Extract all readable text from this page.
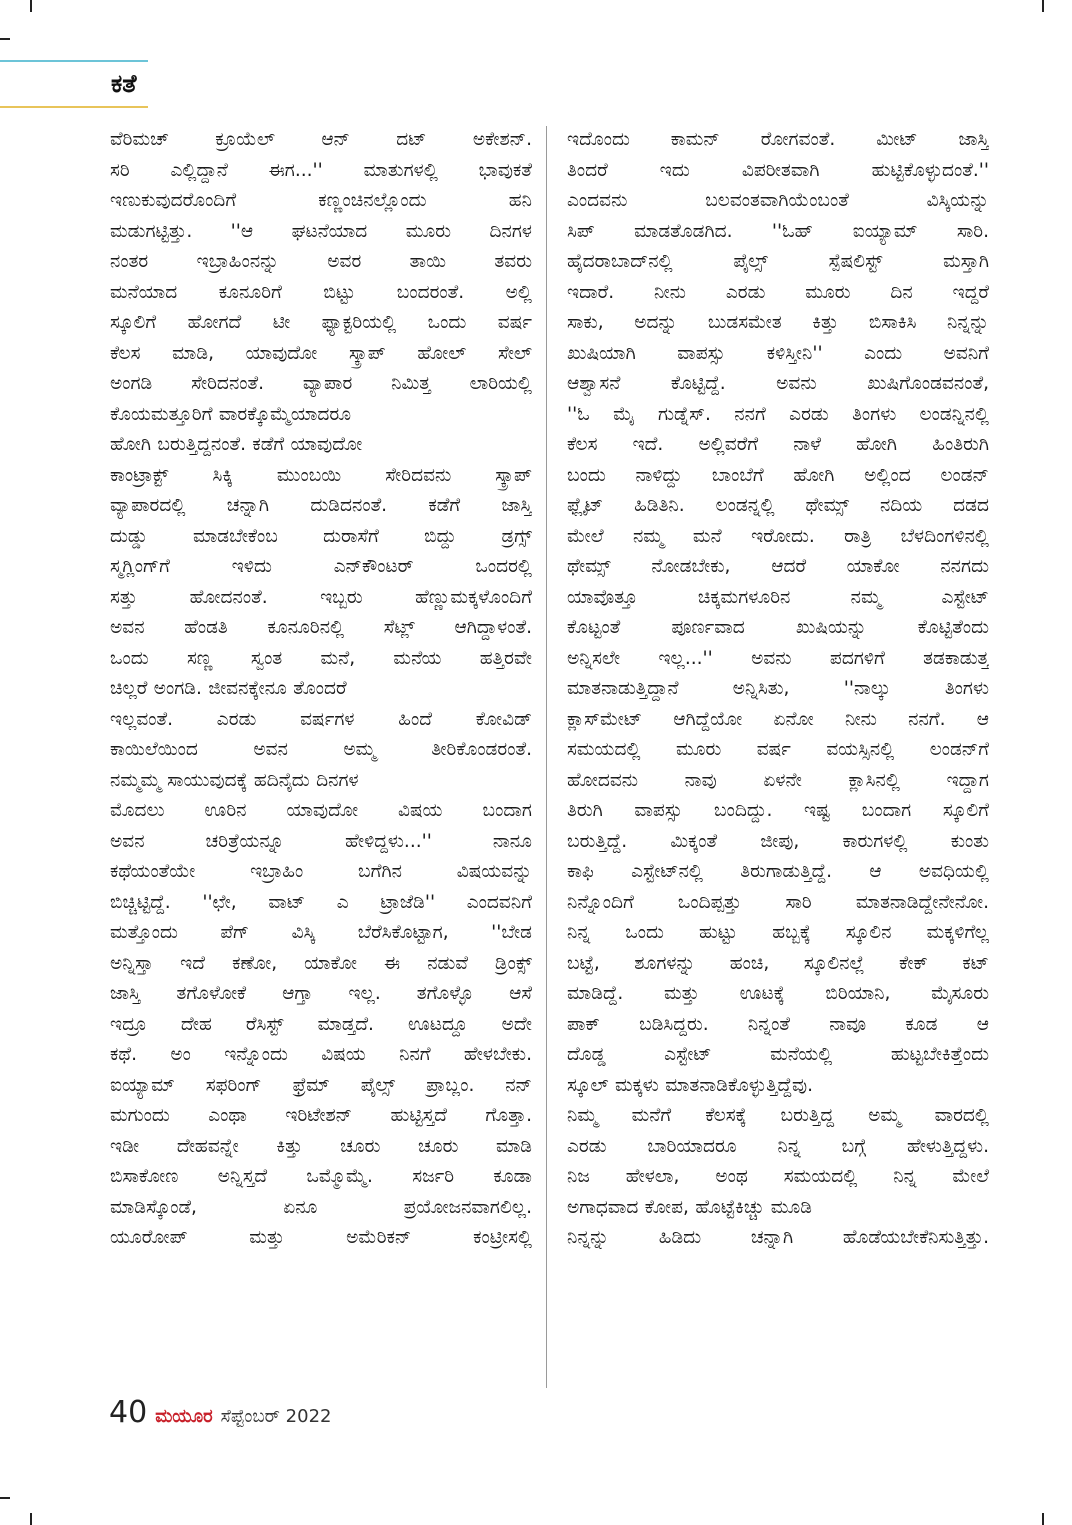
ಕತೆ
ವೆರಿಮಚ್ ಕ್ರೂಯೆಲ್ ಆನ್ ದಟ್ ಅಕೇಶನ್.
ಸರಿ ಎಲ್ಲಿದ್ದಾನೆ ಈಗ...'' ಮಾತುಗಳಲ್ಲಿ ಭಾವುಕತೆ
ಇಣುಕುವುದರೊಂದಿಗೆ ಕಣ್ಣಂಚಿನಲ್ಲೊಂದು ಹನಿ
ಮಡುಗಟ್ಟಿತ್ತು. ''ಆ ಘಟನೆಯಾದ ಮೂರು ದಿನಗಳ
ನಂತರ ಇಬ್ರಾಹಿಂನನ್ನು ಅವರ ತಾಯಿ ತವರು
ಮನೆಯಾದ ಕೂನೂರಿಗೆ ಬಿಟ್ಟು ಬಂದರಂತೆ. ಅಲ್ಲಿ
ಸ್ಕೂಲಿಗೆ ಹೋಗದೆ ಟೀ ಫ್ಯಾಕ್ಟರಿಯಲ್ಲಿ ಒಂದು ವರ್ಷ
ಕೆಲಸ ಮಾಡಿ, ಯಾವುದೋ ಸ್ಕ್ರಾಪ್ ಹೋಲ್ ಸೇಲ್
ಅಂಗಡಿ ಸೇರಿದನಂತೆ. ವ್ಯಾಪಾರ ನಿಮಿತ್ತ ಲಾರಿಯಲ್ಲಿ
ಕೊಯಮತ್ತೂರಿಗೆ ವಾರಕ್ಕೊಮ್ಮೆಯಾದರೂ
ಹೋಗಿ ಬರುತ್ತಿದ್ದನಂತೆ. ಕಡೆಗೆ ಯಾವುದೋ
ಕಾಂಟ್ರಾಕ್ಟ್ ಸಿಕ್ಕಿ ಮುಂಬಯಿ ಸೇರಿದವನು ಸ್ಕ್ರಾಪ್
ವ್ಯಾಪಾರದಲ್ಲಿ ಚನ್ನಾಗಿ ದುಡಿದನಂತೆ. ಕಡೆಗೆ ಜಾಸ್ತಿ
ದುಡ್ಡು ಮಾಡಬೇಕೆಂಬ ದುರಾಸೆಗೆ ಬಿದ್ದು ಡ್ರಗ್ಸ್
ಸ್ಮಗ್ಲಿಂಗ್‌ಗೆ ಇಳಿದು ಎನ್‌ಕೌಂಟರ್ ಒಂದರಲ್ಲಿ
ಸತ್ತು ಹೋದನಂತೆ. ಇಬ್ಬರು ಹೆಣ್ಣುಮಕ್ಕಳೊಂದಿಗೆ
ಅವನ ಹೆಂಡತಿ ಕೂನೂರಿನಲ್ಲಿ ಸೆಟ್ಲ್ ಆಗಿದ್ದಾಳಂತೆ.
ಒಂದು ಸಣ್ಣ ಸ್ವಂತ ಮನೆ, ಮನೆಯ ಹತ್ತಿರವೇ
ಚಿಲ್ಲರೆ ಅಂಗಡಿ. ಜೀವನಕ್ಕೇನೂ ತೊಂದರೆ
ಇಲ್ಲವಂತೆ. ಎರಡು ವರ್ಷಗಳ ಹಿಂದೆ ಕೋವಿಡ್
ಕಾಯಿಲೆಯಿಂದ ಅವನ ಅಮ್ಮ ತೀರಿಕೊಂಡರಂತೆ.
ನಮ್ಮಮ್ಮ ಸಾಯುವುದಕ್ಕೆ ಹದಿನೈದು ದಿನಗಳ
ಮೊದಲು ಊರಿನ ಯಾವುದೋ ವಿಷಯ ಬಂದಾಗ
ಅವನ ಚರಿತ್ರೆಯನ್ನೂ ಹೇಳಿದ್ದಳು...'' ನಾನೂ
ಕಥೆಯಂತೆಯೇ ಇಬ್ರಾಹಿಂ ಬಗೆಗಿನ ವಿಷಯವನ್ನು
ಬಿಚ್ಚಿಟ್ಟಿದ್ದೆ. ''ಛೇ, ವಾಟ್ ಎ ಟ್ರಾಜೆಡಿ'' ಎಂದವನಿಗೆ
ಮತ್ತೊಂದು ಪೆಗ್ ವಿಸ್ಕಿ ಬೆರೆಸಿಕೊಟ್ಟಾಗ, ''ಬೇಡ
ಅನ್ನಿಸ್ತಾ ಇದೆ ಕಣೋ, ಯಾಕೋ ಈ ನಡುವೆ ಡ್ರಿಂಕ್ಸ್
ಜಾಸ್ತಿ ತಗೊಳೋಕೆ ಆಗ್ತಾ ಇಲ್ಲ. ತಗೊಳ್ಳೊ ಆಸೆ
ಇದ್ರೂ ದೇಹ ರೆಸಿಸ್ಟ್ ಮಾಡ್ತದೆ. ಊಟದ್ದೂ ಅದೇ
ಕಥೆ. ಅಂ ಇನ್ನೊಂದು ವಿಷಯ ನಿನಗೆ ಹೇಳಬೇಕು.
ಐಯ್ಯಾಮ್ ಸಫರಿಂಗ್ ಫ್ರೆಮ್ ಪೈಲ್ಸ್ ಪ್ರಾಬ್ಲಂ. ನನ್
ಮಗುಂದು ಎಂಥಾ ಇರಿಟೇಶನ್ ಹುಟ್ಟಿಸ್ತದೆ ಗೊತ್ತಾ.
ಇಡೀ ದೇಹವನ್ನೇ ಕಿತ್ತು ಚೂರು ಚೂರು ಮಾಡಿ
ಬಿಸಾಕೋಣ ಅನ್ನಿಸ್ತದೆ ಒಮ್ಮೊಮ್ಮೆ. ಸರ್ಜರಿ ಕೂಡಾ
ಮಾಡಿಸ್ಕೊಂಡೆ, ಏನೂ ಪ್ರಯೋಜನವಾಗಲಿಲ್ಲ.
ಯೂರೋಪ್ ಮತ್ತು ಅಮೆರಿಕನ್ ಕಂಟ್ರೀಸಲ್ಲಿ
ಇದೊಂದು ಕಾಮನ್ ರೋಗವಂತೆ. ಮೀಟ್ ಜಾಸ್ತಿ
ತಿಂದರೆ ಇದು ವಿಪರೀತವಾಗಿ ಹುಟ್ಟಿಕೊಳ್ಳುದಂತೆ.''
ಎಂದವನು ಬಲವಂತವಾಗಿಯೆಂಬಂತೆ ವಿಸ್ಕಿಯನ್ನು
ಸಿಪ್ ಮಾಡತೊಡಗಿದ. ''ಓಹ್ ಐಯ್ಯಾಮ್ ಸಾರಿ.
ಹೈದರಾಬಾದ್‌ನಲ್ಲಿ ಪೈಲ್ಸ್ ಸ್ಪೆಷಲಿಸ್ಟ್ ಮಸ್ತಾಗಿ
ಇದಾರೆ. ನೀನು ಎರಡು ಮೂರು ದಿನ ಇದ್ದರೆ
ಸಾಕು, ಅದನ್ನು ಬುಡಸಮೇತ ಕಿತ್ತು ಬಿಸಾಕಿಸಿ ನಿನ್ನನ್ನು
ಖುಷಿಯಾಗಿ ವಾಪಸ್ಸು ಕಳಿಸ್ತೀನಿ'' ಎಂದು ಅವನಿಗೆ
ಆಶ್ವಾಸನೆ ಕೊಟ್ಟಿದ್ದೆ. ಅವನು ಖುಷಿಗೊಂಡವನಂತೆ,
''ಓ ಮೈ ಗುಡ್ನೆಸ್. ನನಗೆ ಎರಡು ತಿಂಗಳು ಲಂಡನ್ನಿನಲ್ಲಿ
ಕೆಲಸ ಇದೆ. ಅಲ್ಲಿವರೆಗೆ ನಾಳೆ ಹೋಗಿ ಹಿಂತಿರುಗಿ
ಬಂದು ನಾಳಿದ್ದು ಬಾಂಬೆಗೆ ಹೋಗಿ ಅಲ್ಲಿಂದ ಲಂಡನ್
ಫ್ಲೈಟ್ ಹಿಡಿತಿನಿ. ಲಂಡನ್ನಲ್ಲಿ ಥೇಮ್ಸ್ ನದಿಯ ದಡದ
ಮೇಲೆ ನಮ್ಮ ಮನೆ ಇರೋದು. ರಾತ್ರಿ ಬೆಳದಿಂಗಳಿನಲ್ಲಿ
ಥೇಮ್ಸ್ ನೋಡಬೇಕು, ಆದರೆ ಯಾಕೋ ನನಗದು
ಯಾವೊತ್ತೂ ಚಿಕ್ಕಮಗಳೂರಿನ ನಮ್ಮ ಎಸ್ಟೇಟ್
ಕೊಟ್ಟಂತೆ ಪೂರ್ಣವಾದ ಖುಷಿಯನ್ನು ಕೊಟ್ಟಿತೆಂದು
ಅನ್ನಿಸಲೇ ಇಲ್ಲ...'' ಅವನು ಪದಗಳಿಗೆ ತಡಕಾಡುತ್ತ
ಮಾತನಾಡುತ್ತಿದ್ದಾನೆ ಅನ್ನಿಸಿತು, ''ನಾಲ್ಕು ತಿಂಗಳು
ಕ್ಲಾಸ್‌ಮೇಟ್ ಆಗಿದ್ದೆಯೋ ಏನೋ ನೀನು ನನಗೆ. ಆ
ಸಮಯದಲ್ಲಿ ಮೂರು ವರ್ಷ ವಯಸ್ಸಿನಲ್ಲಿ ಲಂಡನ್‌ಗೆ
ಹೋದವನು ನಾವು ಏಳನೇ ಕ್ಲಾಸಿನಲ್ಲಿ ಇದ್ದಾಗ
ತಿರುಗಿ ವಾಪಸ್ಸು ಬಂದಿದ್ದು. ಇಷ್ಟ ಬಂದಾಗ ಸ್ಕೂಲಿಗೆ
ಬರುತ್ತಿದ್ದೆ. ಮಿಕ್ಕಂತೆ ಜೀಪು, ಕಾರುಗಳಲ್ಲಿ ಕುಂತು
ಕಾಫಿ ಎಸ್ಟೇಟ್‌ನಲ್ಲಿ ತಿರುಗಾಡುತ್ತಿದ್ದೆ. ಆ ಅವಧಿಯಲ್ಲಿ
ನಿನ್ನೊಂದಿಗೆ ಒಂದಿಪ್ಪತ್ತು ಸಾರಿ ಮಾತನಾಡಿದ್ದೇನೇನೋ.
ನಿನ್ನ ಒಂದು ಹುಟ್ಟು ಹಬ್ಬಕ್ಕೆ ಸ್ಕೂಲಿನ ಮಕ್ಕಳಿಗೆಲ್ಲ
ಬಟ್ಟೆ, ಶೂಗಳನ್ನು ಹಂಚಿ, ಸ್ಕೂಲಿನಲ್ಲೆ ಕೇಕ್ ಕಟ್
ಮಾಡಿದ್ದೆ. ಮತ್ತು ಊಟಕ್ಕೆ ಬಿರಿಯಾನಿ, ಮೈಸೂರು
ಪಾಕ್ ಬಡಿಸಿದ್ದರು. ನಿನ್ನಂತೆ ನಾವೂ ಕೂಡ ಆ
ದೊಡ್ಡ ಎಸ್ಟೇಟ್ ಮನೆಯಲ್ಲಿ ಹುಟ್ಟಬೇಕಿತ್ತೆಂದು
ಸ್ಕೂಲ್ ಮಕ್ಕಳು ಮಾತನಾಡಿಕೊಳ್ಳುತ್ತಿದ್ದೆವು.
ನಿಮ್ಮ ಮನೆಗೆ ಕೆಲಸಕ್ಕೆ ಬರುತ್ತಿದ್ದ ಅಮ್ಮ ವಾರದಲ್ಲಿ
ಎರಡು ಬಾರಿಯಾದರೂ ನಿನ್ನ ಬಗ್ಗೆ ಹೇಳುತ್ತಿದ್ದಳು.
ನಿಜ ಹೇಳಲಾ, ಅಂಥ ಸಮಯದಲ್ಲಿ ನಿನ್ನ ಮೇಲೆ
ಅಗಾಧವಾದ ಕೋಪ, ಹೊಟ್ಟೆಕಿಚ್ಚು ಮೂಡಿ
ನಿನ್ನನ್ನು ಹಿಡಿದು ಚನ್ನಾಗಿ ಹೊಡೆಯಬೇಕೆನಿಸುತ್ತಿತ್ತು.
40 ಮಯೂರ ಸೆಪ್ಟೆಂಬರ್ 2022
